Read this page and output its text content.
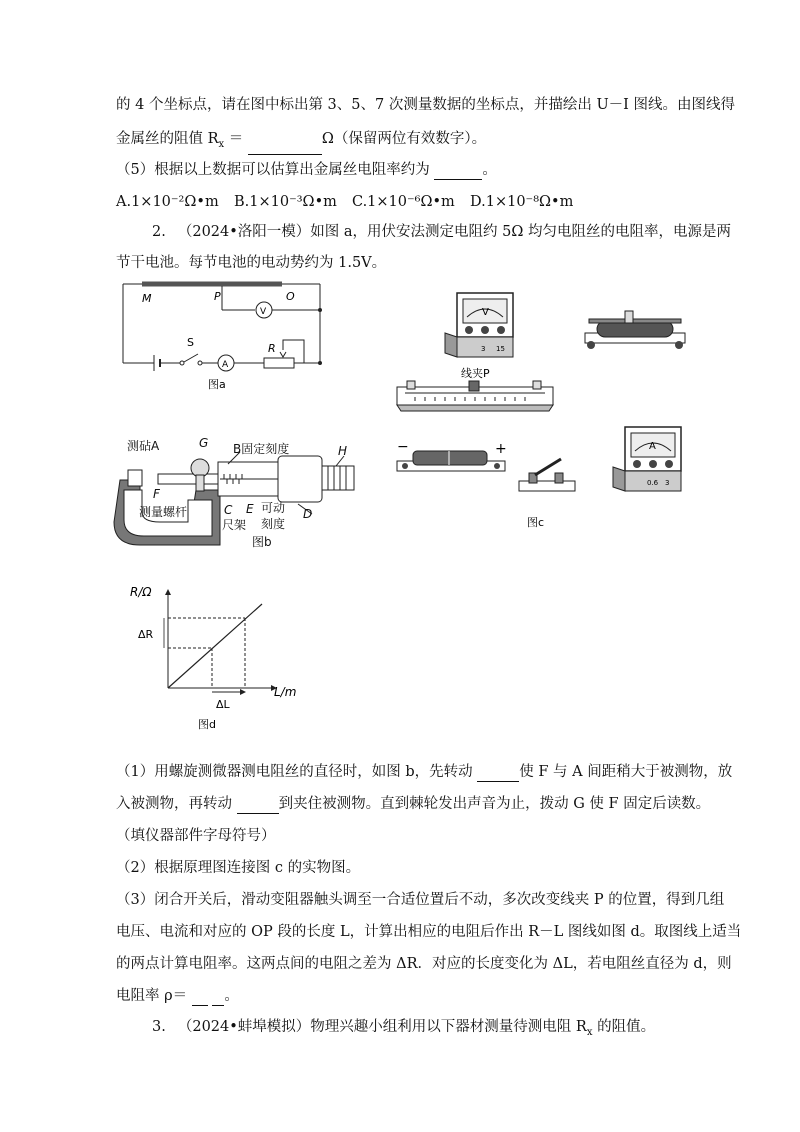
的 4 个坐标点，请在图中标出第 3、5、7 次测量数据的坐标点，并描绘出 U－I 图线。由图线得
金属丝的阻值 $R_x$ ＝	Ω（保留两位有效数字）。
（5）根据以上数据可以估算出金属丝电阻率约为	。
A.1×10⁻²Ω•m B.1×10⁻³Ω•m C.1×10⁻⁶Ω•m D.1×10⁻⁸Ω•m
2. （2024•洛阳一模）如图 a，用伏安法测定电阻约 5Ω 均匀电阻丝的电阻率，电源是两
节干电池。每节电池的电动势约为 1.5V。
M	P	O
V
A
S	R
图a
测砧A	G B固定刻度	H
F
测量螺杆	C
尺架
E 可动
刻度
D
图b
V
3 15
线夹P
−	+	A
0.6 3
图c
R/Ω
L/m
ΔR
ΔL
图d
（1）用螺旋测微器测电阻丝的直径时，如图 b，先转动	使 F 与 A 间距稍大于被测物，放
入被测物，再转动	到夹住被测物。直到棘轮发出声音为止，拨动 G 使 F 固定后读数。
（填仪器部件字母符号）
（2）根据原理图连接图 c 的实物图。
（3）闭合开关后，滑动变阻器触头调至一合适位置后不动，多次改变线夹 P 的位置，得到几组
电压、电流和对应的 OP 段的长度 L，计算出相应的电阻后作出 R－L 图线如图 d。取图线上适当
的两点计算电阻率。这两点间的电阻之差为 ΔR．对应的长度变化为 ΔL，若电阻丝直径为 d，则
电阻率 ρ＝	。
3. （2024•蚌埠模拟）物理兴趣小组利用以下器材测量待测电阻 $R_x$ 的阻值。
